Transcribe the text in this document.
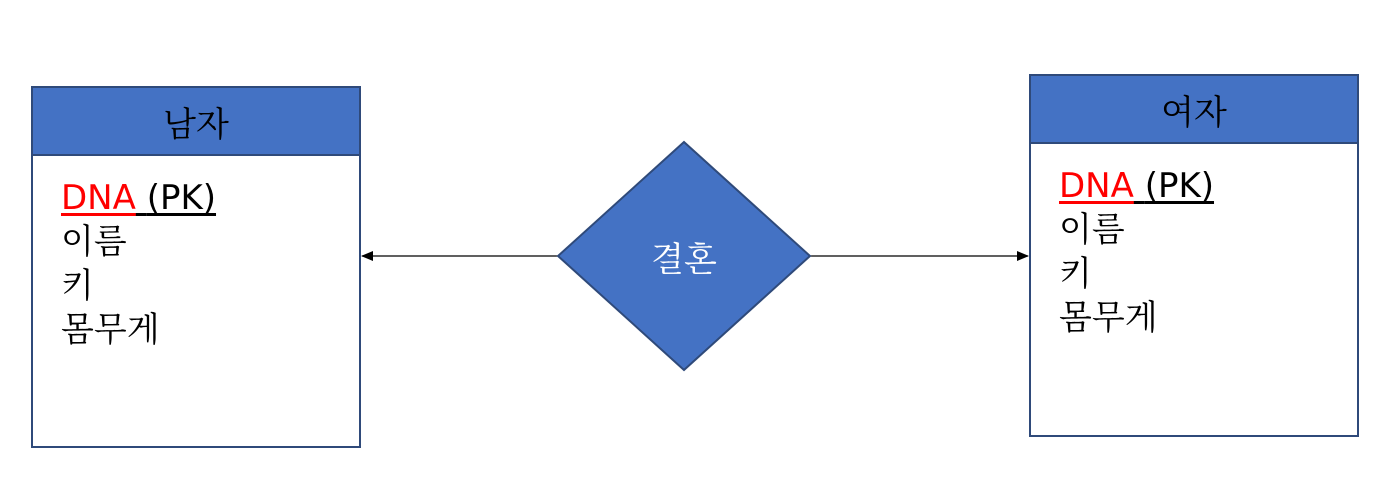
결혼
남자
DNA (PK)
이름
키
몸무게
여자
DNA (PK)
이름
키
몸무게
